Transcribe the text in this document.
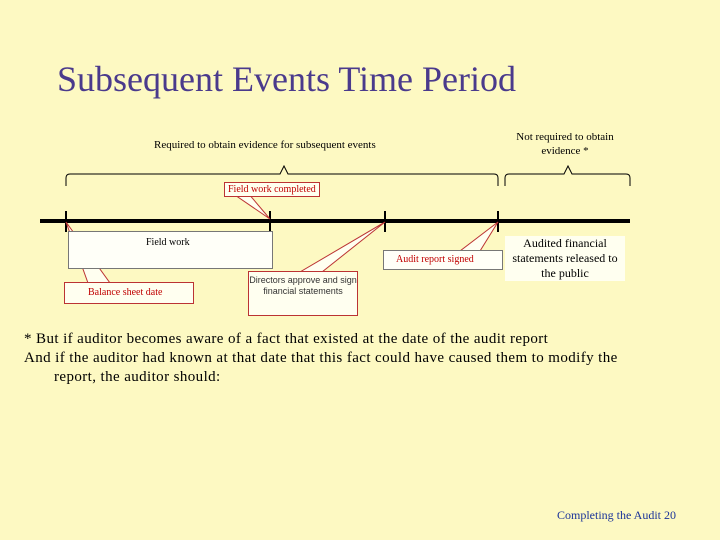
Subsequent Events Time Period
Required to obtain evidence for subsequent events
Not required to obtain evidence *
Field work completed
Field work
Audit report signed
Balance sheet date
Directors approve and sign financial statements
Audited financial statements released to the public
* But if auditor becomes aware of a fact that existed at the date of the audit report
And if the auditor had known at that date that this fact could have caused them to modify the
report, the auditor should:
Completing the Audit 20
